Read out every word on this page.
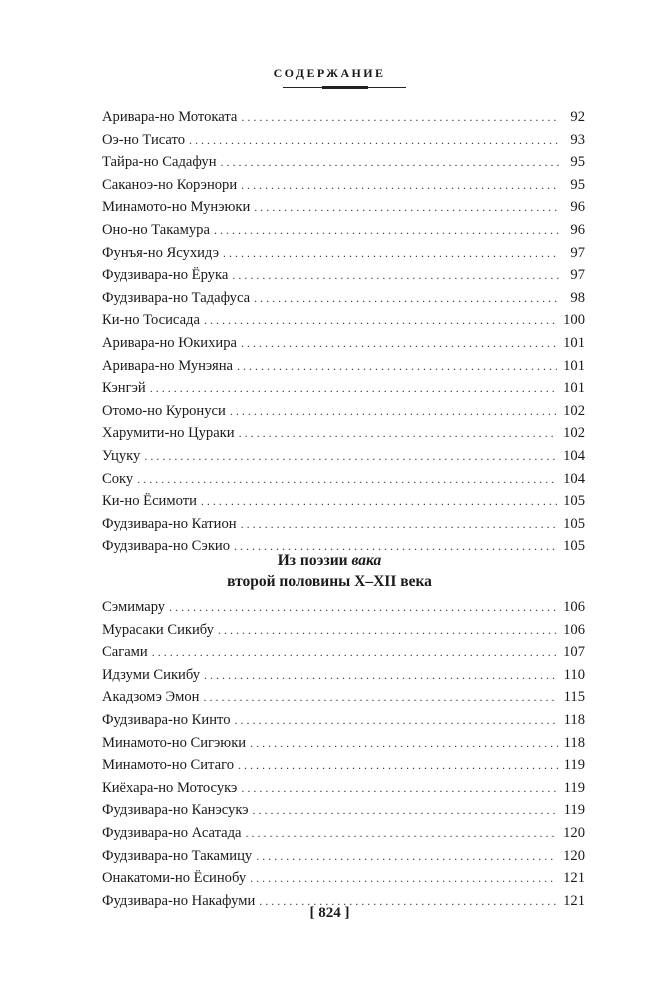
СОДЕРЖАНИЕ
Аривара-но Мотоката . . .	92
Оэ-но Тисато . . .	93
Тайра-но Садафун . . .	95
Саканоэ-но Корэнори . . .	95
Минамото-но Мунэюки . . .	96
Оно-но Такамура . . .	96
Фунъя-но Ясухидэ . . .	97
Фудзивара-но Ёрука . . .	97
Фудзивара-но Тадафуса . . .	98
Ки-но Тосисада . . .	100
Аривара-но Юкихира . . .	101
Аривара-но Мунэяна . . .	101
Кэнгэй . . .	101
Отомо-но Куронуси . . .	102
Харумити-но Цураки . . .	102
Уцуку . . .	104
Соку . . .	104
Ки-но Ёсимоти . . .	105
Фудзивара-но Катион . . .	105
Фудзивара-но Сэкио . . .	105
Из поэзии вака
второй половины X–XII века
Сэмимару . . .	106
Мурасаки Сикибу . . .	106
Сагами . . .	107
Идзуми Сикибу . . .	110
Акадзомэ Эмон . . .	115
Фудзивара-но Кинто . . .	118
Минамото-но Сигэюки . . .	118
Минамото-но Ситаго . . .	119
Киёхара-но Мотосукэ . . .	119
Фудзивара-но Канэсукэ . . .	119
Фудзивара-но Асатада . . .	120
Фудзивара-но Такамицу . . .	120
Онакатоми-но Ёсинобу . . .	121
Фудзивара-но Накафуми . . .	121
[ 824 ]
